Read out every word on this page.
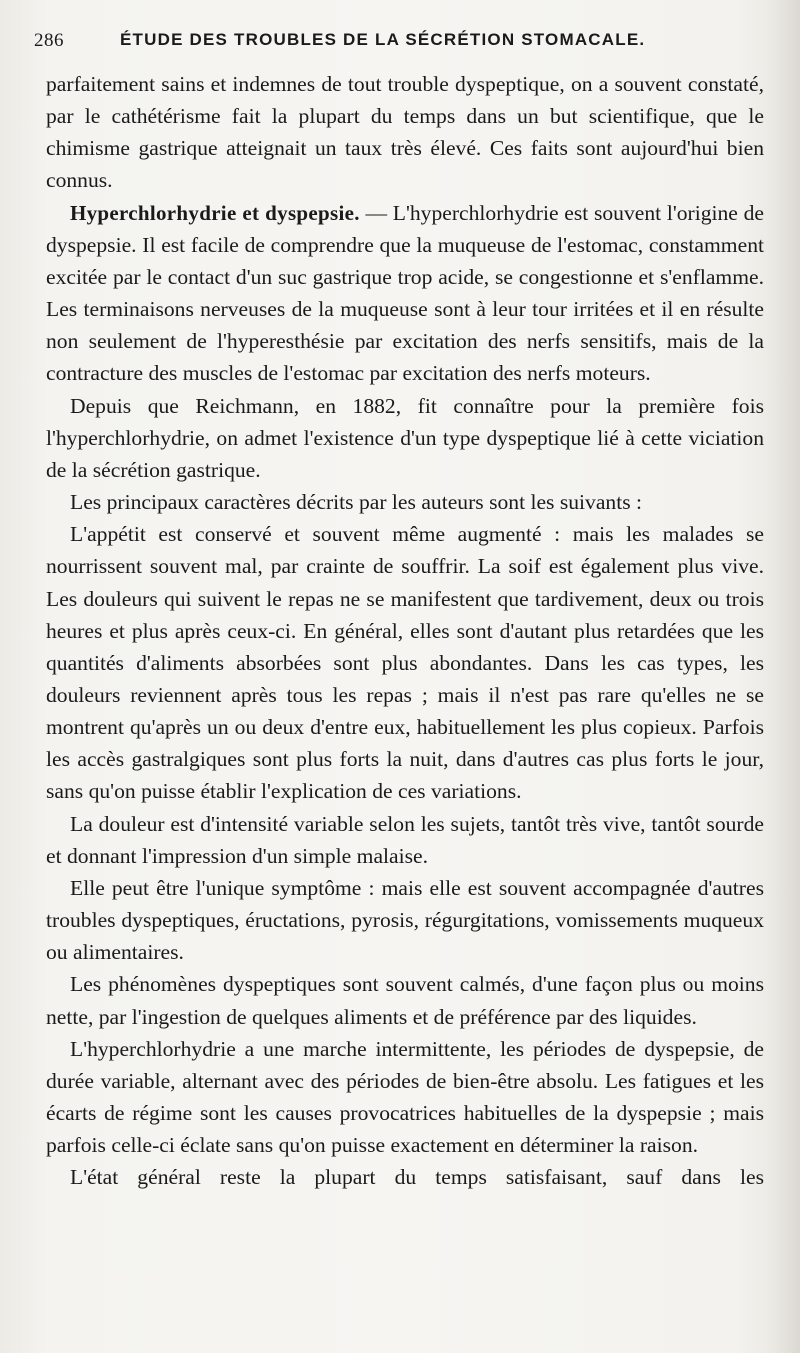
286	ÉTUDE DES TROUBLES DE LA SÉCRÉTION STOMACALE.

parfaitement sains et indemnes de tout trouble dyspeptique, on a souvent constaté, par le cathétérisme fait la plupart du temps dans un but scientifique, que le chimisme gastrique atteignait un taux très élevé. Ces faits sont aujourd'hui bien connus.

Hyperchlorhydrie et dyspepsie. — L'hyperchlorhydrie est souvent l'origine de dyspepsie. Il est facile de comprendre que la muqueuse de l'estomac, constamment excitée par le contact d'un suc gastrique trop acide, se congestionne et s'enflamme. Les terminaisons nerveuses de la muqueuse sont à leur tour irritées et il en résulte non seulement de l'hyperesthésie par excitation des nerfs sensitifs, mais de la contracture des muscles de l'estomac par excitation des nerfs moteurs.

Depuis que Reichmann, en 1882, fit connaître pour la première fois l'hyperchlorhydrie, on admet l'existence d'un type dyspeptique lié à cette viciation de la sécrétion gastrique.

Les principaux caractères décrits par les auteurs sont les suivants :

L'appétit est conservé et souvent même augmenté : mais les malades se nourrissent souvent mal, par crainte de souffrir. La soif est également plus vive. Les douleurs qui suivent le repas ne se manifestent que tardivement, deux ou trois heures et plus après ceux-ci. En général, elles sont d'autant plus retardées que les quantités d'aliments absorbées sont plus abondantes. Dans les cas types, les douleurs reviennent après tous les repas ; mais il n'est pas rare qu'elles ne se montrent qu'après un ou deux d'entre eux, habituellement les plus copieux. Parfois les accès gastralgiques sont plus forts la nuit, dans d'autres cas plus forts le jour, sans qu'on puisse établir l'explication de ces variations.

La douleur est d'intensité variable selon les sujets, tantôt très vive, tantôt sourde et donnant l'impression d'un simple malaise.

Elle peut être l'unique symptôme : mais elle est souvent accompagnée d'autres troubles dyspeptiques, éructations, pyrosis, régurgitations, vomissements muqueux ou alimentaires.

Les phénomènes dyspeptiques sont souvent calmés, d'une façon plus ou moins nette, par l'ingestion de quelques aliments et de préférence par des liquides.

L'hyperchlorhydrie a une marche intermittente, les périodes de dyspepsie, de durée variable, alternant avec des périodes de bien-être absolu. Les fatigues et les écarts de régime sont les causes provocatrices habituelles de la dyspepsie ; mais parfois celle-ci éclate sans qu'on puisse exactement en déterminer la raison.

L'état général reste la plupart du temps satisfaisant, sauf dans les
